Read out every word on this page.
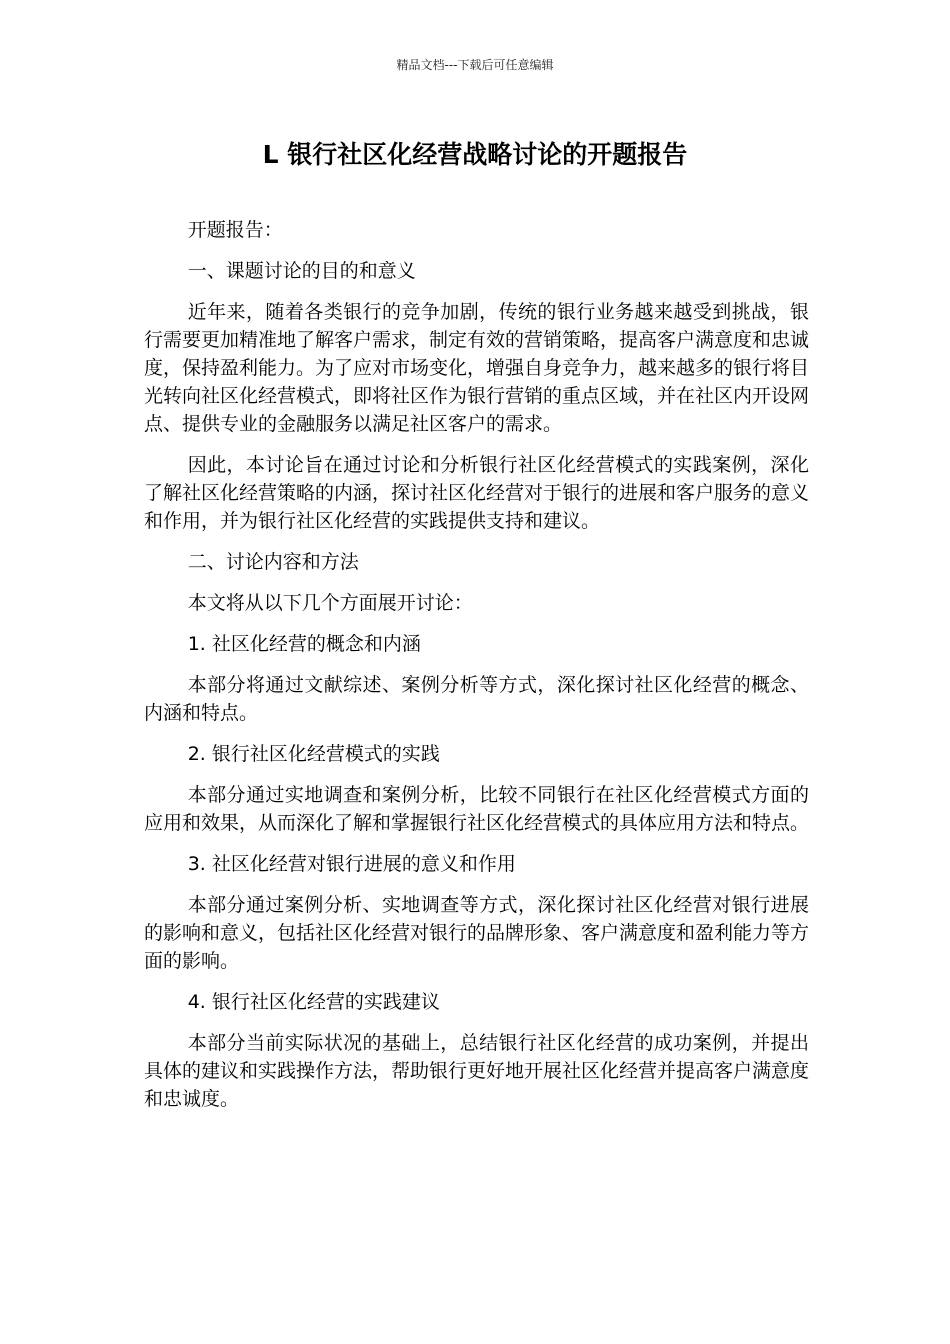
精品文档---下载后可任意编辑
L 银行社区化经营战略讨论的开题报告

开题报告：

一、课题讨论的目的和意义

近年来，随着各类银行的竞争加剧，传统的银行业务越来越受到挑战，银行需要更加精准地了解客户需求，制定有效的营销策略，提高客户满意度和忠诚度，保持盈利能力。为了应对市场变化，增强自身竞争力，越来越多的银行将目光转向社区化经营模式，即将社区作为银行营销的重点区域，并在社区内开设网点、提供专业的金融服务以满足社区客户的需求。

因此，本讨论旨在通过讨论和分析银行社区化经营模式的实践案例，深化了解社区化经营策略的内涵，探讨社区化经营对于银行的进展和客户服务的意义和作用，并为银行社区化经营的实践提供支持和建议。

二、讨论内容和方法

本文将从以下几个方面展开讨论：

1. 社区化经营的概念和内涵

本部分将通过文献综述、案例分析等方式，深化探讨社区化经营的概念、内涵和特点。

2. 银行社区化经营模式的实践

本部分通过实地调查和案例分析，比较不同银行在社区化经营模式方面的应用和效果，从而深化了解和掌握银行社区化经营模式的具体应用方法和特点。

3. 社区化经营对银行进展的意义和作用

本部分通过案例分析、实地调查等方式，深化探讨社区化经营对银行进展的影响和意义，包括社区化经营对银行的品牌形象、客户满意度和盈利能力等方面的影响。

4. 银行社区化经营的实践建议

本部分当前实际状况的基础上，总结银行社区化经营的成功案例，并提出具体的建议和实践操作方法，帮助银行更好地开展社区化经营并提高客户满意度和忠诚度。
